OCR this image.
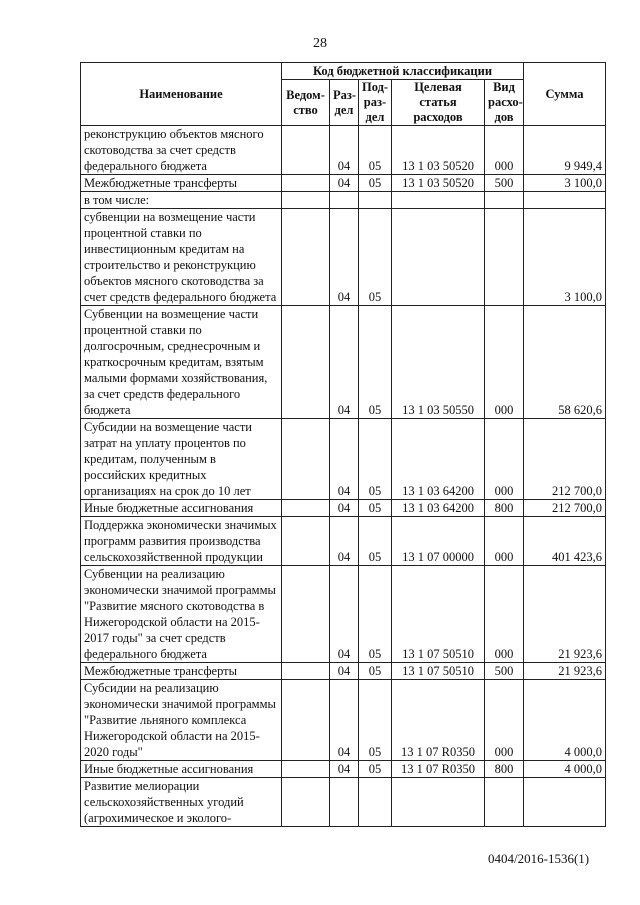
28
Наименование	Код бюджетной классификации					Сумма
	Ведом-ство	Раз-дел	Под-раз-дел	Целевая статья расходов	Вид расхо-дов	
реконструкцию объектов мясного скотоводства за счет средств федерального бюджета		04	05	13 1 03 50520	000	9 949,4
Межбюджетные трансферты		04	05	13 1 03 50520	500	3 100,0
в том числе:						
субвенции на возмещение части процентной ставки по инвестиционным кредитам на строительство и реконструкцию объектов мясного скотоводства за счет средств федерального бюджета		04	05			3 100,0
Субвенции на возмещение части процентной ставки по долгосрочным, среднесрочным и краткосрочным кредитам, взятым малыми формами хозяйствования, за счет средств федерального бюджета		04	05	13 1 03 50550	000	58 620,6
Субсидии на возмещение части затрат на уплату процентов по кредитам, полученным в российских кредитных организациях на срок до 10 лет		04	05	13 1 03 64200	000	212 700,0
Иные бюджетные ассигнования		04	05	13 1 03 64200	800	212 700,0
Поддержка экономически значимых программ развития производства сельскохозяйственной продукции		04	05	13 1 07 00000	000	401 423,6
Субвенции на реализацию экономически значимой программы "Развитие мясного скотоводства в Нижегородской области на 2015-2017 годы" за счет средств федерального бюджета		04	05	13 1 07 50510	000	21 923,6
Межбюджетные трансферты		04	05	13 1 07 50510	500	21 923,6
Субсидии на реализацию экономически значимой программы "Развитие льняного комплекса Нижегородской области на 2015-2020 годы"		04	05	13 1 07 R0350	000	4 000,0
Иные бюджетные ассигнования		04	05	13 1 07 R0350	800	4 000,0
Развитие мелиорации сельскохозяйственных угодий (агрохимическое и эколого-						
0404/2016-1536(1)
